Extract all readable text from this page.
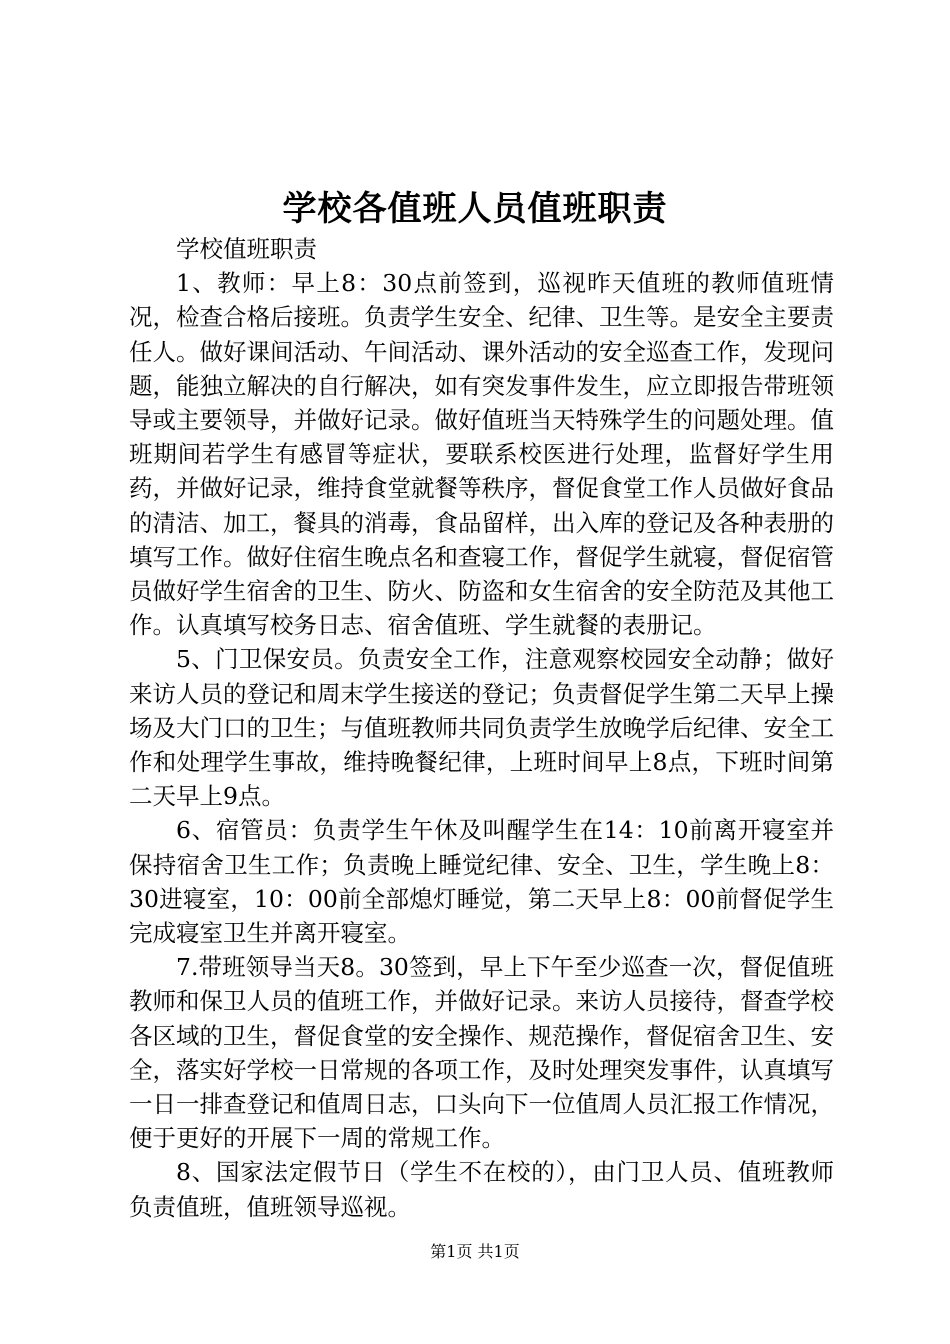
学校各值班人员值班职责

学校值班职责

1、教师：早上8：30点前签到，巡视昨天值班的教师值班情况，检查合格后接班。负责学生安全、纪律、卫生等。是安全主要责任人。做好课间活动、午间活动、课外活动的安全巡查工作，发现问题，能独立解决的自行解决，如有突发事件发生，应立即报告带班领导或主要领导，并做好记录。做好值班当天特殊学生的问题处理。值班期间若学生有感冒等症状，要联系校医进行处理，监督好学生用药，并做好记录，维持食堂就餐等秩序，督促食堂工作人员做好食品的清洁、加工，餐具的消毒，食品留样，出入库的登记及各种表册的填写工作。做好住宿生晚点名和查寝工作，督促学生就寝，督促宿管员做好学生宿舍的卫生、防火、防盗和女生宿舍的安全防范及其他工作。认真填写校务日志、宿舍值班、学生就餐的表册记。

5、门卫保安员。负责安全工作，注意观察校园安全动静；做好来访人员的登记和周末学生接送的登记；负责督促学生第二天早上操场及大门口的卫生；与值班教师共同负责学生放晚学后纪律、安全工作和处理学生事故，维持晚餐纪律，上班时间早上8点，下班时间第二天早上9点。

6、宿管员：负责学生午休及叫醒学生在14：10前离开寝室并保持宿舍卫生工作；负责晚上睡觉纪律、安全、卫生，学生晚上8：30进寝室，10：00前全部熄灯睡觉，第二天早上8：00前督促学生完成寝室卫生并离开寝室。

7.带班领导当天8。30签到，早上下午至少巡查一次，督促值班教师和保卫人员的值班工作，并做好记录。来访人员接待，督查学校各区域的卫生，督促食堂的安全操作、规范操作，督促宿舍卫生、安全，落实好学校一日常规的各项工作，及时处理突发事件，认真填写一日一排查登记和值周日志，口头向下一位值周人员汇报工作情况，便于更好的开展下一周的常规工作。

8、国家法定假节日（学生不在校的），由门卫人员、值班教师负责值班，值班领导巡视。

第1页 共1页
